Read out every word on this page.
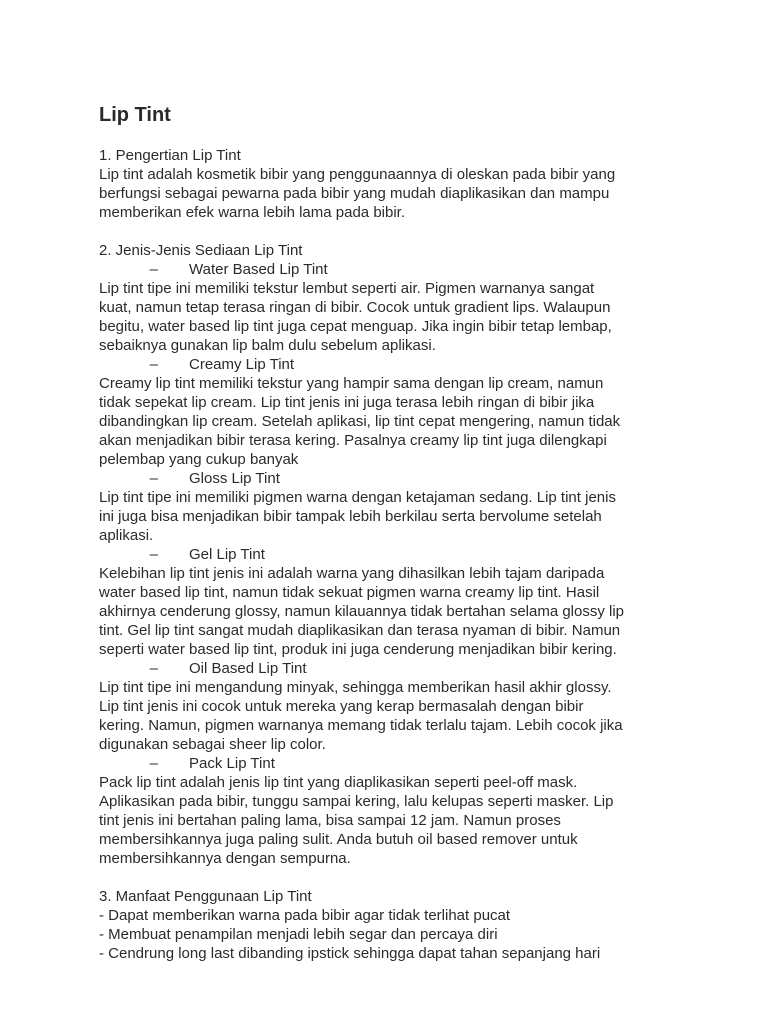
Lip Tint

1. Pengertian Lip Tint

Lip tint adalah kosmetik bibir yang penggunaannya di oleskan pada bibir yang

berfungsi sebagai pewarna pada bibir yang mudah diaplikasikan dan mampu

memberikan efek warna lebih lama pada bibir.

2. Jenis-Jenis Sediaan Lip Tint

–	Water Based Lip Tint

Lip tint tipe ini memiliki tekstur lembut seperti air. Pigmen warnanya sangat

kuat, namun tetap terasa ringan di bibir. Cocok untuk gradient lips. Walaupun

begitu, water based lip tint juga cepat menguap. Jika ingin bibir tetap lembap,

sebaiknya gunakan lip balm dulu sebelum aplikasi.

–	Creamy Lip Tint

Creamy lip tint memiliki tekstur yang hampir sama dengan lip cream, namun

tidak sepekat lip cream. Lip tint jenis ini juga terasa lebih ringan di bibir jika

dibandingkan lip cream. Setelah aplikasi, lip tint cepat mengering, namun tidak

akan menjadikan bibir terasa kering. Pasalnya creamy lip tint juga dilengkapi

pelembap yang cukup banyak

–	Gloss Lip Tint

Lip tint tipe ini memiliki pigmen warna dengan ketajaman sedang. Lip tint jenis

ini juga bisa menjadikan bibir tampak lebih berkilau serta bervolume setelah

aplikasi.

–	Gel Lip Tint

Kelebihan lip tint jenis ini adalah warna yang dihasilkan lebih tajam daripada

water based lip tint, namun tidak sekuat pigmen warna creamy lip tint. Hasil

akhirnya cenderung glossy, namun kilauannya tidak bertahan selama glossy lip

tint. Gel lip tint sangat mudah diaplikasikan dan terasa nyaman di bibir. Namun

seperti water based lip tint, produk ini juga cenderung menjadikan bibir kering.

–	Oil Based Lip Tint

Lip tint tipe ini mengandung minyak, sehingga memberikan hasil akhir glossy.

Lip tint jenis ini cocok untuk mereka yang kerap bermasalah dengan bibir

kering. Namun, pigmen warnanya memang tidak terlalu tajam. Lebih cocok jika

digunakan sebagai sheer lip color.

–	Pack Lip Tint

Pack lip tint adalah jenis lip tint yang diaplikasikan seperti peel-off mask.

Aplikasikan pada bibir, tunggu sampai kering, lalu kelupas seperti masker. Lip

tint jenis ini bertahan paling lama, bisa sampai 12 jam. Namun proses

membersihkannya juga paling sulit. Anda butuh oil based remover untuk

membersihkannya dengan sempurna.

3. Manfaat Penggunaan Lip Tint

- Dapat memberikan warna pada bibir agar tidak terlihat pucat

- Membuat penampilan menjadi lebih segar dan percaya diri

- Cendrung long last dibanding ipstick sehingga dapat tahan sepanjang hari
